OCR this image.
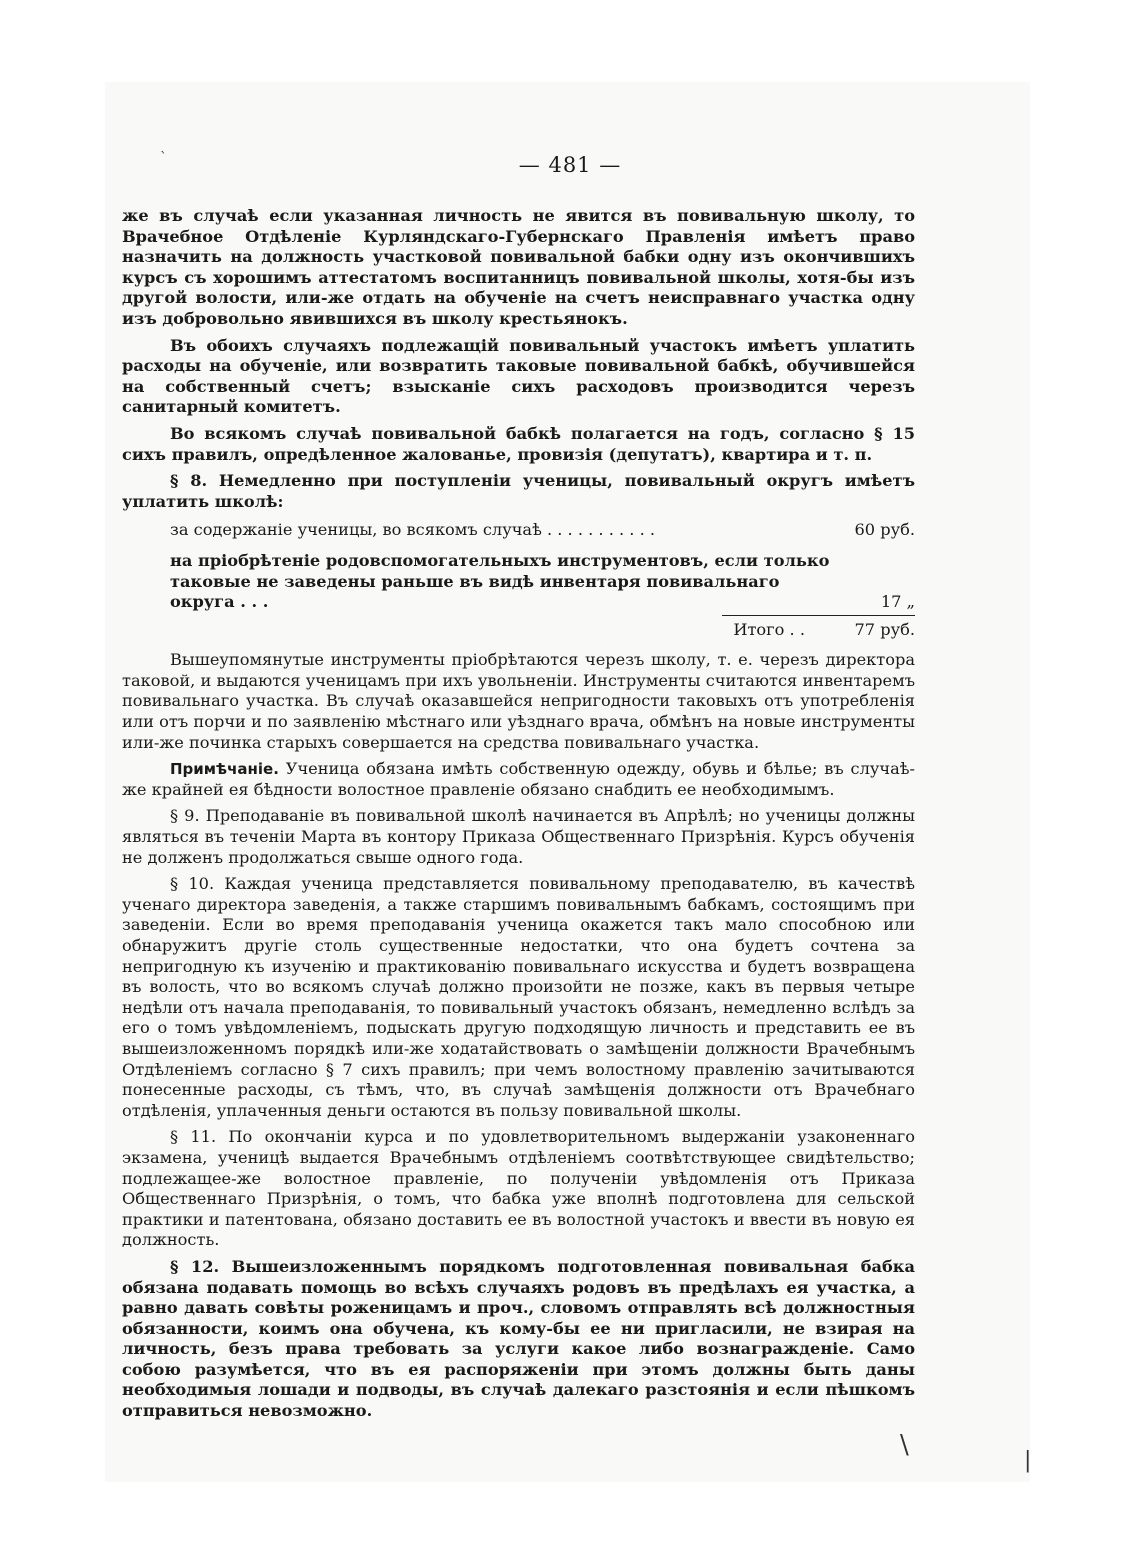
— 481 —
`
\
|

же въ случаѣ если указанная личность не явится въ повивальную школу, то Врачебное Отдѣленіе Курляндскаго-Губернскаго Правленія имѣетъ право назначить на должность участковой повивальной бабки одну изъ окончившихъ курсъ съ хорошимъ аттестатомъ воспитанницъ повивальной школы, хотя-бы изъ другой волости, или-же отдать на обученіе на счетъ неисправнаго участка одну изъ добровольно явившихся въ школу крестьянокъ.

Въ обоихъ случаяхъ подлежащій повивальный участокъ имѣетъ уплатить расходы на обученіе, или возвратить таковые повивальной бабкѣ, обучившейся на собственный счетъ; взысканіе сихъ расходовъ производится черезъ санитарный комитетъ.

Во всякомъ случаѣ повивальной бабкѣ полагается на годъ, согласно § 15 сихъ правилъ, опредѣленное жалованье, провизія (депутатъ), квартира и т. п.

§ 8. Немедленно при поступленіи ученицы, повивальный округъ имѣетъ уплатить школѣ:

за содержаніе ученицы, во всякомъ случаѣ . . . . . . . . . . .	60 руб.
на пріобрѣтеніе родовспомогательныхъ инструментовъ, если только таковые не заведены раньше въ видѣ инвентаря повивальнаго округа . . .	17 „
Итого . .	77 руб.

Вышеупомянутые инструменты пріобрѣтаются черезъ школу, т. е. черезъ директора таковой, и выдаются ученицамъ при ихъ увольненіи. Инструменты считаются инвентаремъ повивальнаго участка. Въ случаѣ оказавшейся непригодности таковыхъ отъ употребленія или отъ порчи и по заявленію мѣстнаго или уѣзднаго врача, обмѣнъ на новые инструменты или-же починка старыхъ совершается на средства повивальнаго участка.

Примѣчаніе. Ученица обязана имѣть собственную одежду, обувь и бѣлье; въ случаѣ-же крайней ея бѣдности волостное правленіе обязано снабдить ее необходимымъ.

§ 9. Преподаваніе въ повивальной школѣ начинается въ Апрѣлѣ; но ученицы должны являться въ теченіи Марта въ контору Приказа Общественнаго Призрѣнія. Курсъ обученія не долженъ продолжаться свыше одного года.

§ 10. Каждая ученица представляется повивальному преподавателю, въ качествѣ ученаго директора заведенія, а также старшимъ повивальнымъ бабкамъ, состоящимъ при заведеніи. Если во время преподаванія ученица окажется такъ мало способною или обнаружитъ другіе столь существенные недостатки, что она будетъ сочтена за непригодную къ изученію и практикованію повивальнаго искусства и будетъ возвращена въ волость, что во всякомъ случаѣ должно произойти не позже, какъ въ первыя четыре недѣли отъ начала преподаванія, то повивальный участокъ обязанъ, немедленно вслѣдъ за его о томъ увѣдомленіемъ, подыскать другую подходящую личность и представить ее въ вышеизложенномъ порядкѣ или-же ходатайствовать о замѣщеніи должности Врачебнымъ Отдѣленіемъ согласно § 7 сихъ правилъ; при чемъ волостному правленію зачитываются понесенные расходы, съ тѣмъ, что, въ случаѣ замѣщенія должности отъ Врачебнаго отдѣленія, уплаченныя деньги остаются въ пользу повивальной школы.

§ 11. По окончаніи курса и по удовлетворительномъ выдержаніи узаконеннаго экзамена, ученицѣ выдается Врачебнымъ отдѣленіемъ соотвѣтствующее свидѣтельство; подлежащее-же волостное правленіе, по полученіи увѣдомленія отъ Приказа Общественнаго Призрѣнія, о томъ, что бабка уже вполнѣ подготовлена для сельской практики и патентована, обязано доставить ее въ волостной участокъ и ввести въ новую ея должность.

§ 12. Вышеизложеннымъ порядкомъ подготовленная повивальная бабка обязана подавать помощь во всѣхъ случаяхъ родовъ въ предѣлахъ ея участка, а равно давать совѣты роженицамъ и проч., словомъ отправлять всѣ должностныя обязанности, коимъ она обучена, къ кому-бы ее ни пригласили, не взирая на личность, безъ права требовать за услуги какое либо вознагражденіе. Само собою разумѣется, что въ ея распоряженіи при этомъ должны быть даны необходимыя лошади и подводы, въ случаѣ далекаго разстоянія и если пѣшкомъ отправиться невозможно.
